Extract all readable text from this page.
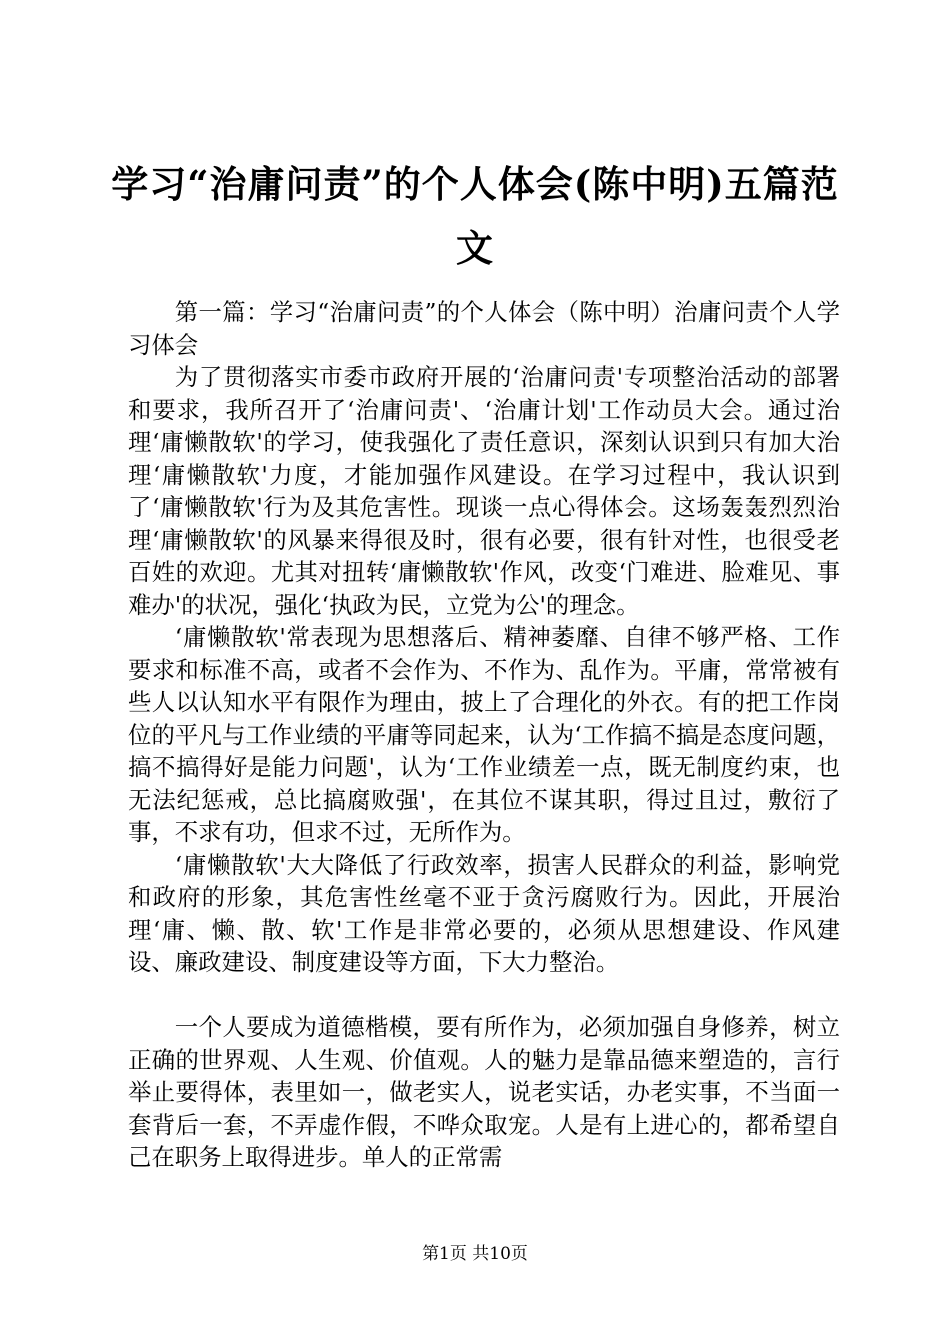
学习“治庸问责”的个人体会(陈中明)五篇范文

第一篇：学习“治庸问责”的个人体会（陈中明）治庸问责个人学习体会

为了贯彻落实市委市政府开展的‘治庸问责'专项整治活动的部署和要求，我所召开了‘治庸问责'、‘治庸计划'工作动员大会。通过治理‘庸懒散软'的学习，使我强化了责任意识，深刻认识到只有加大治理‘庸懒散软'力度，才能加强作风建设。在学习过程中，我认识到了‘庸懒散软'行为及其危害性。现谈一点心得体会。这场轰轰烈烈治理‘庸懒散软'的风暴来得很及时，很有必要，很有针对性，也很受老百姓的欢迎。尤其对扭转‘庸懒散软'作风，改变‘门难进、脸难见、事难办'的状况，强化‘执政为民，立党为公'的理念。

‘庸懒散软'常表现为思想落后、精神萎靡、自律不够严格、工作要求和标准不高，或者不会作为、不作为、乱作为。平庸，常常被有些人以认知水平有限作为理由，披上了合理化的外衣。有的把工作岗位的平凡与工作业绩的平庸等同起来，认为‘工作搞不搞是态度问题，搞不搞得好是能力问题'，认为‘工作业绩差一点，既无制度约束，也无法纪惩戒，总比搞腐败强'，在其位不谋其职，得过且过，敷衍了事，不求有功，但求不过，无所作为。

‘庸懒散软'大大降低了行政效率，损害人民群众的利益，影响党和政府的形象，其危害性丝毫不亚于贪污腐败行为。因此，开展治理‘庸、懒、散、软'工作是非常必要的，必须从思想建设、作风建设、廉政建设、制度建设等方面，下大力整治。

一个人要成为道德楷模，要有所作为，必须加强自身修养，树立正确的世界观、人生观、价值观。人的魅力是靠品德来塑造的，言行举止要得体，表里如一，做老实人，说老实话，办老实事，不当面一套背后一套，不弄虚作假，不哗众取宠。人是有上进心的，都希望自己在职务上取得进步。单人的正常需

第1页 共10页
